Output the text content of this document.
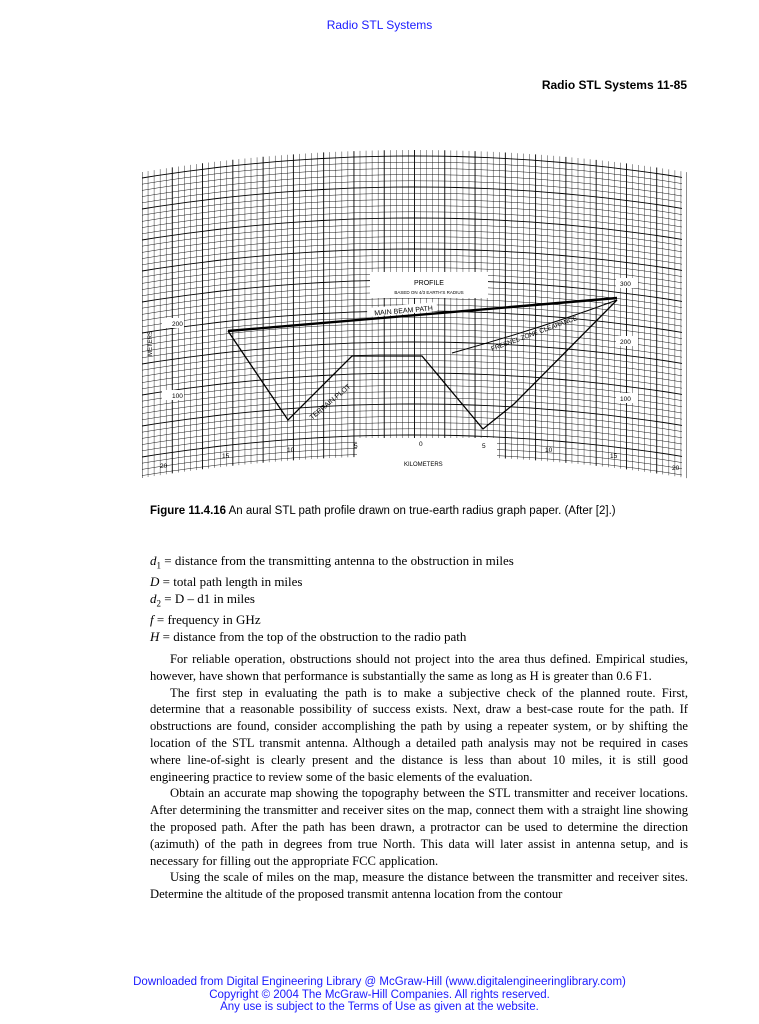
Radio STL Systems
Radio STL Systems 11-85
PROFILE
BASED ON 4/3 EARTH'S RADIUS
MAIN BEAM PATH
FRESNEL ZONE CLEARANCE
TERRAIN PLOT
METERS
200
100
300
200
100
20
15
10
5	0	5
10
15
20
KILOMETERS
Figure 11.4.16 An aural STL path profile drawn on true-earth radius graph paper. (After [2].)
$d_1$ = distance from the transmitting antenna to the obstruction in miles
D = total path length in miles
$d_2 = D - d1$ in miles
f = frequency in GHz
H = distance from the top of the obstruction to the radio path

For reliable operation, obstructions should not project into the area thus defined. Empirical studies, however, have shown that performance is substantially the same as long as H is greater than 0.6 F1.

The first step in evaluating the path is to make a subjective check of the planned route. First, determine that a reasonable possibility of success exists. Next, draw a best-case route for the path. If obstructions are found, consider accomplishing the path by using a repeater system, or by shifting the location of the STL transmit antenna. Although a detailed path analysis may not be required in cases where line-of-sight is clearly present and the distance is less than about 10 miles, it is still good engineering practice to review some of the basic elements of the evaluation.

Obtain an accurate map showing the topography between the STL transmitter and receiver locations. After determining the transmitter and receiver sites on the map, connect them with a straight line showing the proposed path. After the path has been drawn, a protractor can be used to determine the direction (azimuth) of the path in degrees from true North. This data will later assist in antenna setup, and is necessary for filling out the appropriate FCC application.

Using the scale of miles on the map, measure the distance between the transmitter and receiver sites. Determine the altitude of the proposed transmit antenna location from the contour

Downloaded from Digital Engineering Library @ McGraw-Hill (www.digitalengineeringlibrary.com)
Copyright © 2004 The McGraw-Hill Companies. All rights reserved.
Any use is subject to the Terms of Use as given at the website.
